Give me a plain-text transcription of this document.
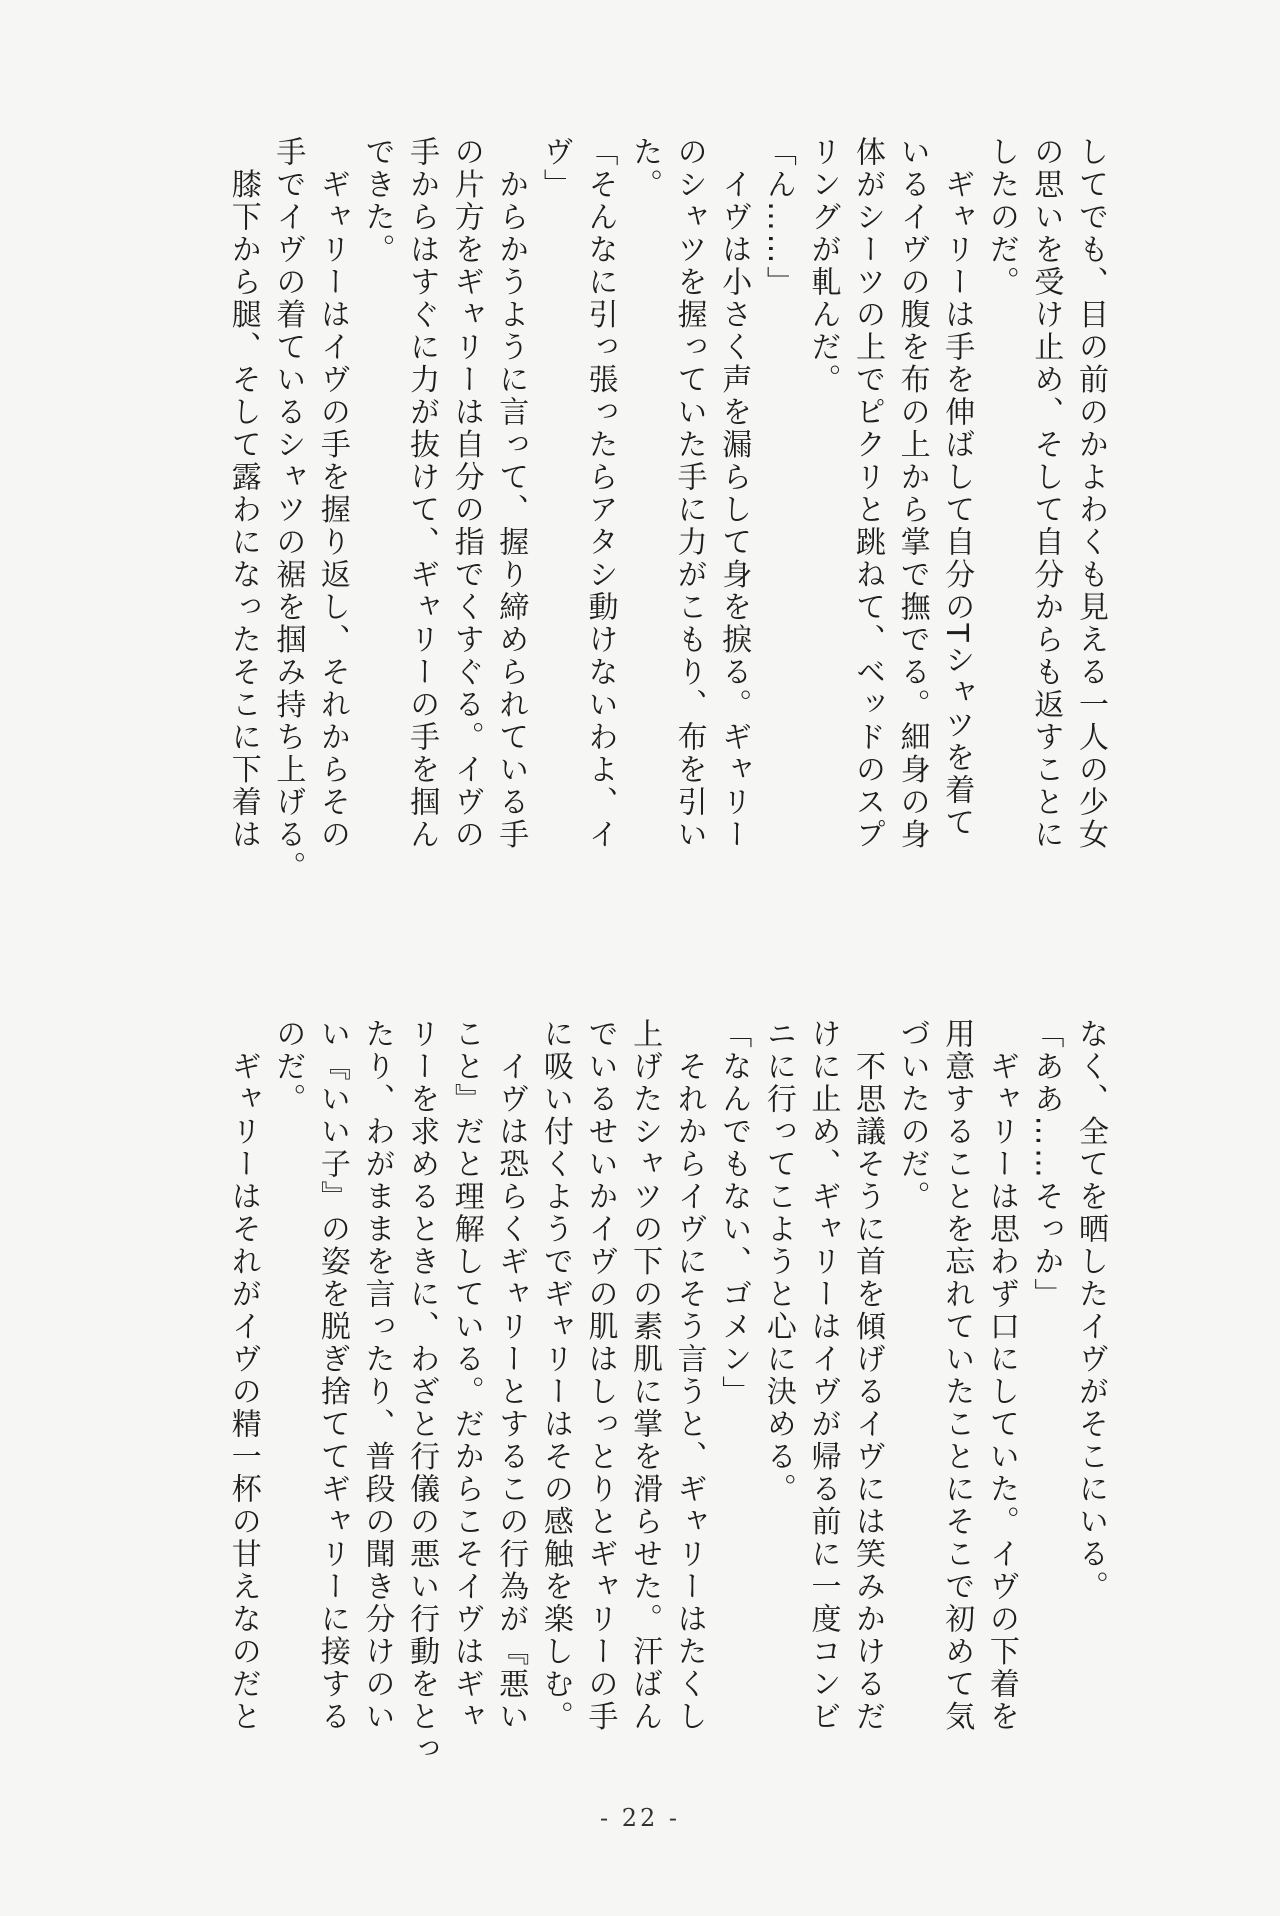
してでも、目の前のかよわくも見える一人の少女

の思いを受け止め、そして自分からも返すことに

したのだ。

　ギャリーは手を伸ばして自分のTシャツを着て

いるイヴの腹を布の上から掌で撫でる。細身の身

体がシーツの上でピクリと跳ねて、ベッドのスプ

リングが軋んだ。

「ん……」

　イヴは小さく声を漏らして身を捩る。ギャリー

のシャツを握っていた手に力がこもり、布を引い

た。

「そんなに引っ張ったらアタシ動けないわよ、イ

ヴ」

　からかうように言って、握り締められている手

の片方をギャリーは自分の指でくすぐる。イヴの

手からはすぐに力が抜けて、ギャリーの手を掴ん

できた。

　ギャリーはイヴの手を握り返し、それからその

手でイヴの着ているシャツの裾を掴み持ち上げる。

　膝下から腿、そして露わになったそこに下着は

なく、全てを晒したイヴがそこにいる。

「ああ……そっか」

　ギャリーは思わず口にしていた。イヴの下着を

用意することを忘れていたことにそこで初めて気

づいたのだ。

　不思議そうに首を傾げるイヴには笑みかけるだ

けに止め、ギャリーはイヴが帰る前に一度コンビ

ニに行ってこようと心に決める。

「なんでもない、ゴメン」

　それからイヴにそう言うと、ギャリーはたくし

上げたシャツの下の素肌に掌を滑らせた。汗ばん

でいるせいかイヴの肌はしっとりとギャリーの手

に吸い付くようでギャリーはその感触を楽しむ。

　イヴは恐らくギャリーとするこの行為が『悪い

こと』だと理解している。だからこそイヴはギャ

リーを求めるときに、わざと行儀の悪い行動をとっ

たり、わがままを言ったり、普段の聞き分けのい

い『いい子』の姿を脱ぎ捨ててギャリーに接する

のだ。

　ギャリーはそれがイヴの精一杯の甘えなのだと

- 22 -
